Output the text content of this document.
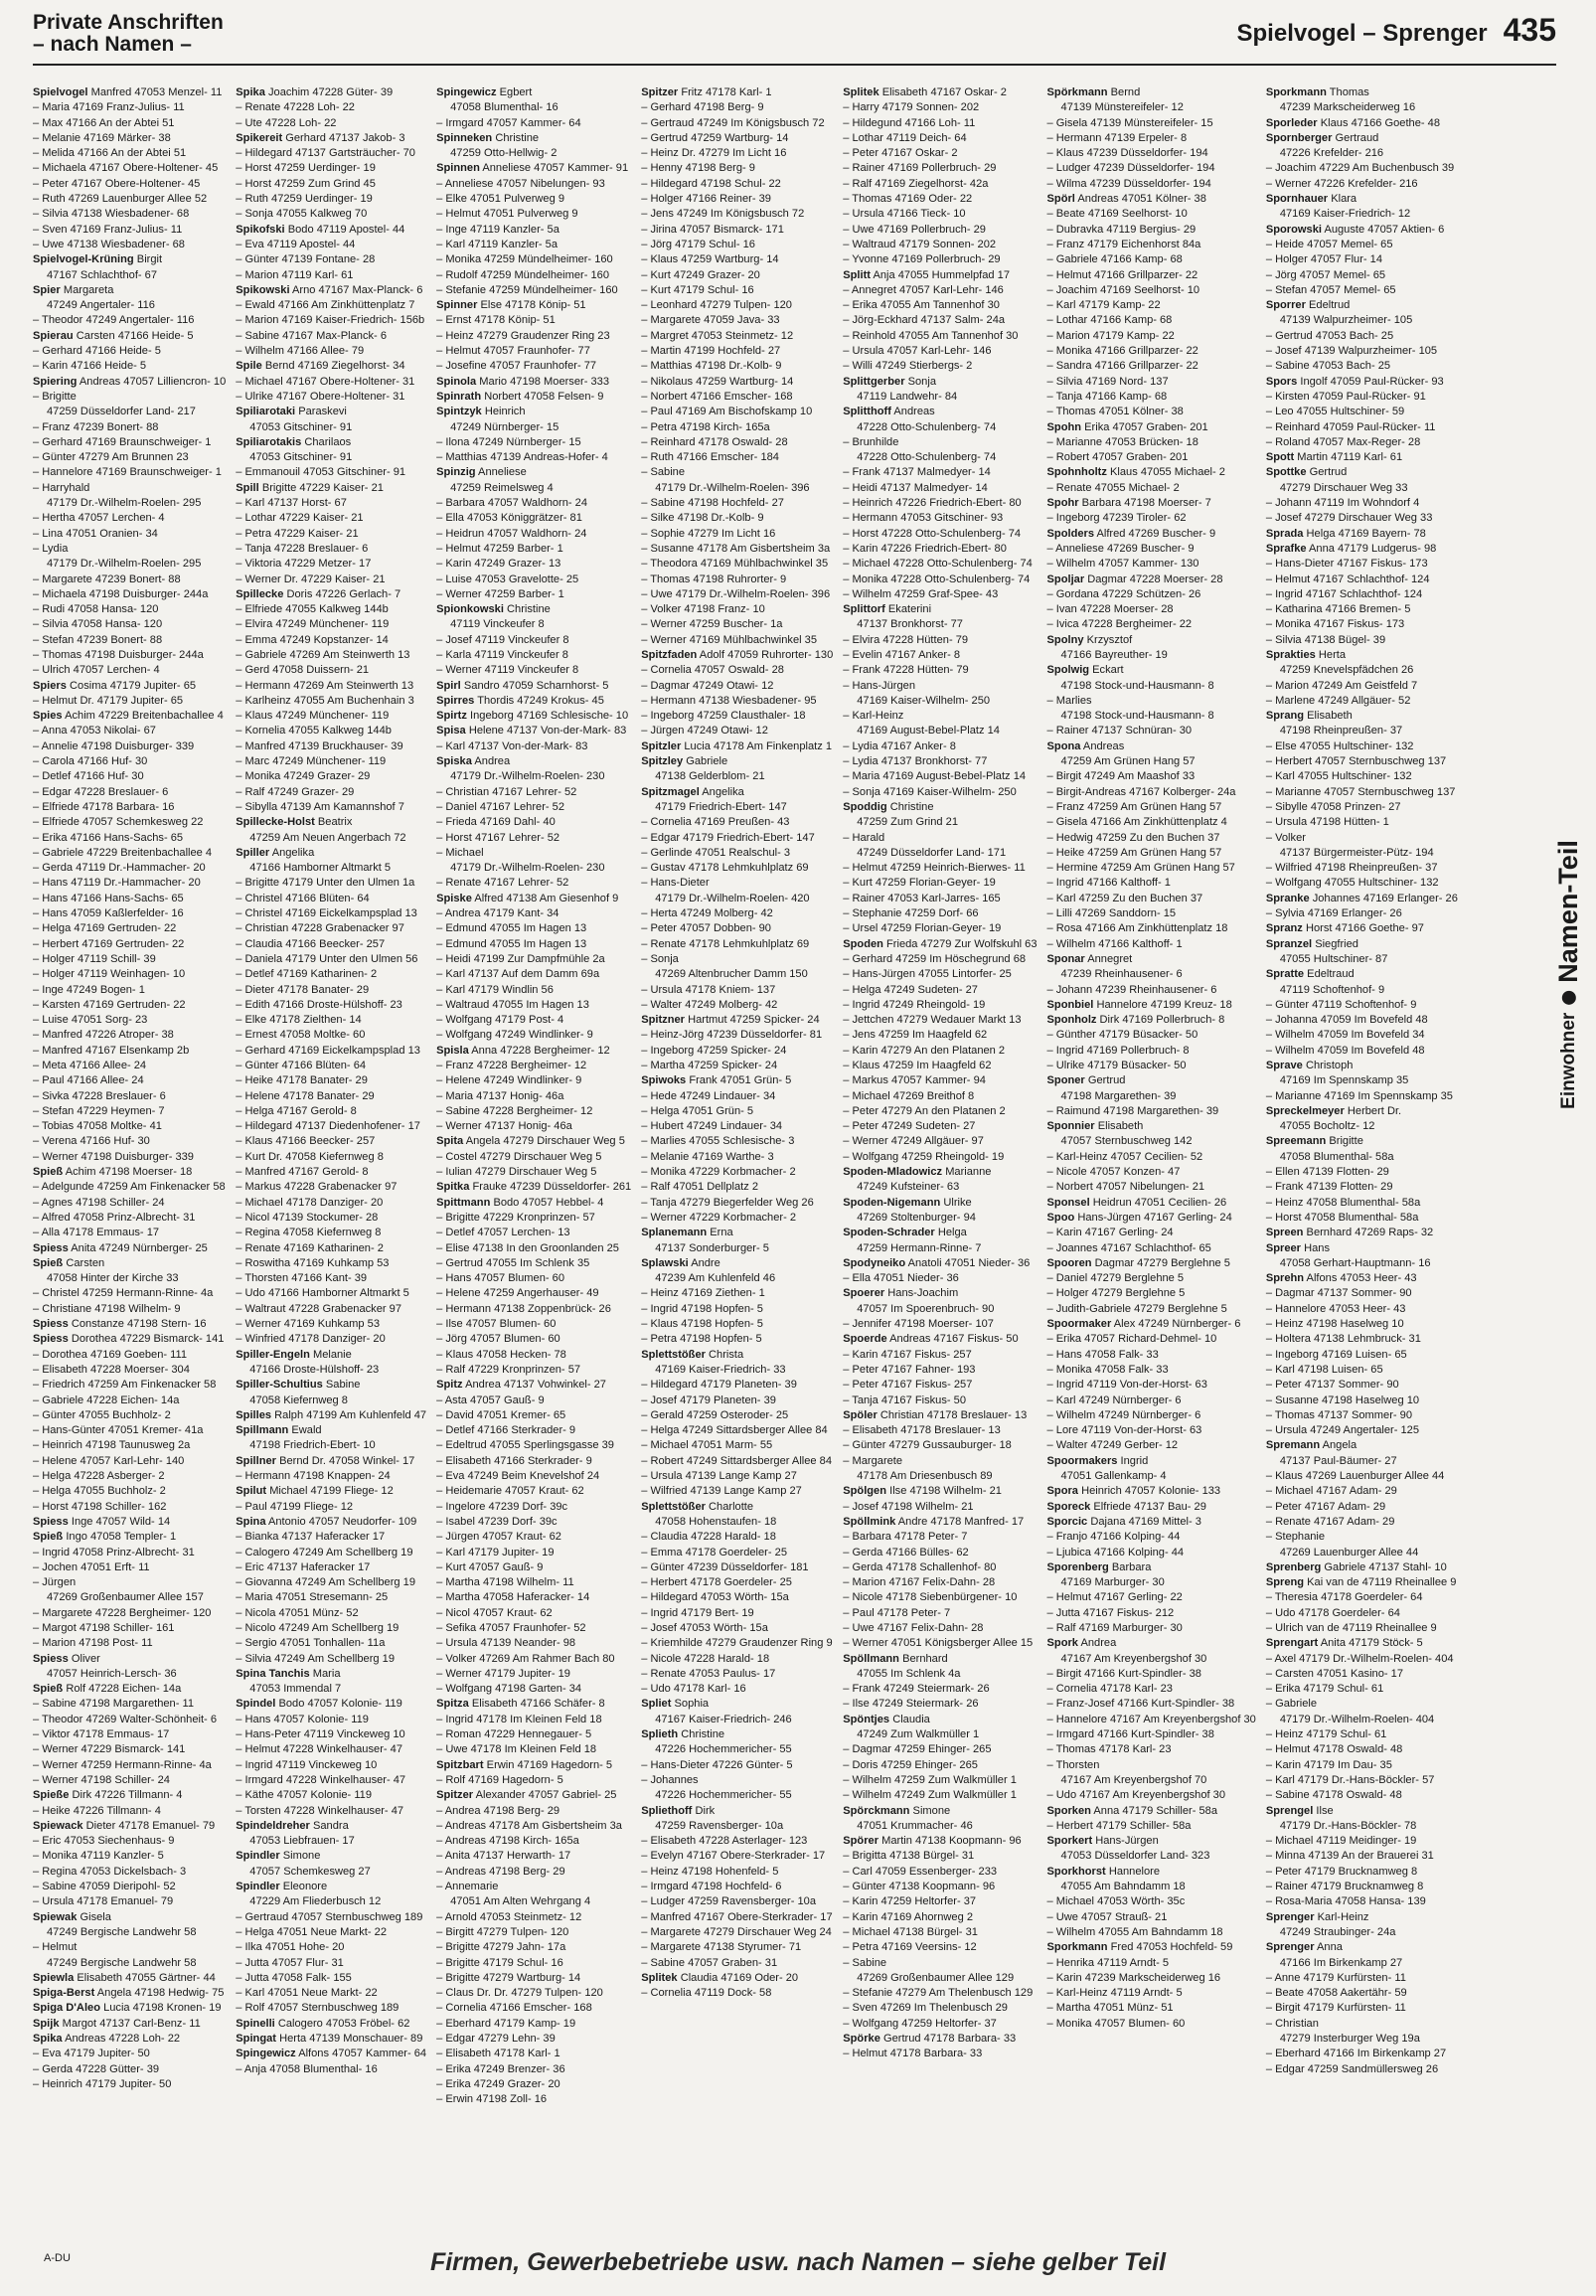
Private Anschriften
– nach Namen –	Spielvogel – Sprenger 435
Spielvogel Manfred 47053 Menzel- 11
– Maria 47169 Franz-Julius- 11
– Max 47166 An der Abtei 51
– Melanie 47169 Märker- 38
– Melida 47166 An der Abtei 51
– Michaela 47167 Obere-Holtener- 45
– Peter 47167 Obere-Holtener- 45
– Ruth 47269 Lauenburger Allee 52
– Silvia 47138 Wiesbadener- 68
– Sven 47169 Franz-Julius- 11
– Uwe 47138 Wiesbadener- 68
Spielvogel-Krüning Birgit
47167 Schlachthof- 67
Spier Margareta
47249 Angertaler- 116
– Theodor 47249 Angertaler- 116
Spierau Carsten 47166 Heide- 5
– Gerhard 47166 Heide- 5
– Karin 47166 Heide- 5
Spiering Andreas 47057 Lilliencron- 10
– Brigitte
47259 Düsseldorfer Land- 217
– Franz 47239 Bonert- 88
– Gerhard 47169 Braunschweiger- 1
– Günter 47279 Am Brunnen 23
– Hannelore 47169 Braunschweiger- 1
– Harryhald
47179 Dr.-Wilhelm-Roelen- 295
– Hertha 47057 Lerchen- 4
– Lina 47051 Oranien- 34
– Lydia
47179 Dr.-Wilhelm-Roelen- 295
– Margarete 47239 Bonert- 88
– Michaela 47198 Duisburger- 244a
– Rudi 47058 Hansa- 120
– Silvia 47058 Hansa- 120
– Stefan 47239 Bonert- 88
– Thomas 47198 Duisburger- 244a
– Ulrich 47057 Lerchen- 4
Spiers Cosima 47179 Jupiter- 65
– Helmut Dr. 47179 Jupiter- 65
Spies Achim 47229 Breitenbachallee 4
– Anna 47053 Nikolai- 67
– Annelie 47198 Duisburger- 339
– Carola 47166 Huf- 30
– Detlef 47166 Huf- 30
– Edgar 47228 Breslauer- 6
– Elfriede 47178 Barbara- 16
– Elfriede 47057 Schemkesweg 22
– Erika 47166 Hans-Sachs- 65
– Gabriele 47229 Breitenbachallee 4
– Gerda 47119 Dr.-Hammacher- 20
– Hans 47119 Dr.-Hammacher- 20
– Hans 47166 Hans-Sachs- 65
– Hans 47059 Kaßlerfelder- 16
– Helga 47169 Gertruden- 22
– Herbert 47169 Gertruden- 22
– Holger 47119 Schill- 39
– Holger 47119 Weinhagen- 10
– Inge 47249 Bogen- 1
– Karsten 47169 Gertruden- 22
– Luise 47051 Sorg- 23
– Manfred 47226 Atroper- 38
– Manfred 47167 Elsenkamp 2b
– Meta 47166 Allee- 24
– Paul 47166 Allee- 24
– Sivka 47228 Breslauer- 6
– Stefan 47229 Heymen- 7
– Tobias 47058 Moltke- 41
– Verena 47166 Huf- 30
– Werner 47198 Duisburger- 339
Spieß Achim 47198 Moerser- 18
– Adelgunde 47259 Am Finkenacker 58
– Agnes 47198 Schiller- 24
– Alfred 47058 Prinz-Albrecht- 31
– Alla 47178 Emmaus- 17
Spiess Anita 47249 Nürnberger- 25
Spieß Carsten
47058 Hinter der Kirche 33
– Christel 47259 Hermann-Rinne- 4a
– Christiane 47198 Wilhelm- 9
Spiess Constanze 47198 Stern- 16
Spiess Dorothea 47229 Bismarck- 141
– Dorothea 47169 Goeben- 111
– Elisabeth 47228 Moerser- 304
– Friedrich 47259 Am Finkenacker 58
– Gabriele 47228 Eichen- 14a
– Günter 47055 Buchholz- 2
– Hans-Günter 47051 Kremer- 41a
– Heinrich 47198 Taunusweg 2a
– Helene 47057 Karl-Lehr- 140
– Helga 47228 Asberger- 2
– Helga 47055 Buchholz- 2
– Horst 47198 Schiller- 162
Spiess Inge 47057 Wild- 14
Spieß Ingo 47058 Templer- 1
– Ingrid 47058 Prinz-Albrecht- 31
– Jochen 47051 Erft- 11
– Jürgen
47269 Großenbaumer Allee 157
– Margarete 47228 Bergheimer- 120
– Margot 47198 Schiller- 161
– Marion 47198 Post- 11
Spiess Oliver
47057 Heinrich-Lersch- 36
Spieß Rolf 47228 Eichen- 14a
– Sabine 47198 Margarethen- 11
– Theodor 47269 Walter-Schönheit- 6
– Viktor 47178 Emmaus- 17
– Werner 47229 Bismarck- 141
– Werner 47259 Hermann-Rinne- 4a
– Werner 47198 Schiller- 24
Spieße Dirk 47226 Tillmann- 4
– Heike 47226 Tillmann- 4
Spiewack Dieter 47178 Emanuel- 79
– Eric 47053 Siechenhaus- 9
– Monika 47119 Kanzler- 5
– Regina 47053 Dickelsbach- 3
– Sabine 47059 Dieripohl- 52
– Ursula 47178 Emanuel- 79
Spiewak Gisela
47249 Bergische Landwehr 58
– Helmut
47249 Bergische Landwehr 58
Spiewla Elisabeth 47055 Gärtner- 44
Spiga-Berst Angela 47198 Hedwig- 75
Spiga D'Aleo Lucia 47198 Kronen- 19
Spijk Margot 47137 Carl-Benz- 11
Spika Andreas 47228 Loh- 22
– Eva 47179 Jupiter- 50
– Gerda 47228 Gütter- 39
– Heinrich 47179 Jupiter- 50
Spika Joachim 47228 Güter- 39
– Renate 47228 Loh- 22
– Ute 47228 Loh- 22
Spikereit Gerhard 47137 Jakob- 3
– Hildegard 47137 Gartsträucher- 70
– Horst 47259 Uerdinger- 19
– Horst 47259 Zum Grind 45
– Ruth 47259 Uerdinger- 19
– Sonja 47055 Kalkweg 70
Spikofski Bodo 47119 Apostel- 44
– Eva 47119 Apostel- 44
– Günter 47139 Fontane- 28
– Marion 47119 Karl- 61
Spikowski Arno 47167 Max-Planck- 6
– Ewald 47166 Am Zinkhüttenplatz 7
– Marion 47169 Kaiser-Friedrich- 156b
– Sabine 47167 Max-Planck- 6
– Wilhelm 47166 Allee- 79
Spile Bernd 47169 Ziegelhorst- 34
– Michael 47167 Obere-Holtener- 31
– Ulrike 47167 Obere-Holtener- 31
Spiliarotaki Paraskevi
47053 Gitschiner- 91
Spiliarotakis Charilaos
47053 Gitschiner- 91
– Emmanouil 47053 Gitschiner- 91
Spill Brigitte 47229 Kaiser- 21
– Karl 47137 Horst- 67
– Lothar 47229 Kaiser- 21
– Petra 47229 Kaiser- 21
– Tanja 47228 Breslauer- 6
– Viktoria 47229 Metzer- 17
– Werner Dr. 47229 Kaiser- 21
Spillecke Doris 47226 Gerlach- 7
– Elfriede 47055 Kalkweg 144b
– Elvira 47249 Münchener- 119
– Emma 47249 Kopstanzer- 14
– Gabriele 47269 Am Steinwerth 13
– Gerd 47058 Duissern- 21
– Hermann 47269 Am Steinwerth 13
– Karlheinz 47055 Am Buchenhain 3
– Klaus 47249 Münchener- 119
– Kornelia 47055 Kalkweg 144b
– Manfred 47139 Bruckhauser- 39
– Marc 47249 Münchener- 119
– Monika 47249 Grazer- 29
– Ralf 47249 Grazer- 29
– Sibylla 47139 Am Kamannshof 7
Spillecke-Holst Beatrix
47259 Am Neuen Angerbach 72
Spiller Angelika
47166 Hamborner Altmarkt 5
– Brigitte 47179 Unter den Ulmen 1a
– Christel 47166 Blüten- 64
– Christel 47169 Eickelkampsplad 13
– Christian 47228 Grabenacker 97
– Claudia 47166 Beecker- 257
– Daniela 47179 Unter den Ulmen 56
– Detlef 47169 Katharinen- 2
– Dieter 47178 Banater- 29
– Edith 47166 Droste-Hülshoff- 23
– Elke 47178 Zielthen- 14
– Ernest 47058 Moltke- 60
– Gerhard 47169 Eickelkampsplad 13
– Günter 47166 Blüten- 64
– Heike 47178 Banater- 29
– Helene 47178 Banater- 29
– Helga 47167 Gerold- 8
– Hildegard 47137 Diedenhofener- 17
– Klaus 47166 Beecker- 257
– Kurt Dr. 47058 Kiefernweg 8
– Manfred 47167 Gerold- 8
– Markus 47228 Grabenacker 97
– Michael 47178 Danziger- 20
– Nicol 47139 Stockumer- 28
– Regina 47058 Kiefernweg 8
– Renate 47169 Katharinen- 2
– Roswitha 47169 Kuhkamp 53
– Thorsten 47166 Kant- 39
– Udo 47166 Hamborner Altmarkt 5
– Waltraut 47228 Grabenacker 97
– Werner 47169 Kuhkamp 53
– Winfried 47178 Danziger- 20
Spiller-Engeln Melanie
47166 Droste-Hülshoff- 23
Spiller-Schultius Sabine
47058 Kiefernweg 8
Spilles Ralph 47199 Am Kuhlenfeld 47
Spillmann Ewald
47198 Friedrich-Ebert- 10
Spillner Bernd Dr. 47058 Winkel- 17
– Hermann 47198 Knappen- 24
Spilut Michael 47199 Fliege- 12
– Paul 47199 Fliege- 12
Spina Antonio 47057 Neudorfer- 109
– Bianka 47137 Haferacker 17
– Calogero 47249 Am Schellberg 19
– Eric 47137 Haferacker 17
– Giovanna 47249 Am Schellberg 19
– Maria 47051 Stresemann- 25
– Nicola 47051 Münz- 52
– Nicolo 47249 Am Schellberg 19
– Sergio 47051 Tonhallen- 11a
– Silvia 47249 Am Schellberg 19
Spina Tanchis Maria
47053 Immendal 7
Spindel Bodo 47057 Kolonie- 119
– Hans 47057 Kolonie- 119
– Hans-Peter 47119 Vinckeweg 10
– Helmut 47228 Winkelhauser- 47
– Ingrid 47119 Vinckeweg 10
– Irmgard 47228 Winkelhauser- 47
– Käthe 47057 Kolonie- 119
– Torsten 47228 Winkelhauser- 47
Spindeldreher Sandra
47053 Liebfrauen- 17
Spindler Simone
47057 Schemkesweg 27
Spindler Eleonore
47229 Am Fliederbusch 12
– Gertraud 47057 Sternbuschweg 189
– Helga 47051 Neue Markt- 22
– Ilka 47051 Hohe- 20
– Jutta 47057 Flur- 31
– Jutta 47058 Falk- 155
– Karl 47051 Neue Markt- 22
– Rolf 47057 Sternbuschweg 189
Spinelli Calogero 47053 Fröbel- 62
Spingat Herta 47139 Monschauer- 89
Spingewicz Alfons 47057 Kammer- 64
– Anja 47058 Blumenthal- 16
Spingewicz Egbert
47058 Blumenthal- 16
– Irmgard 47057 Kammer- 64
Spinneken Christine
47259 Otto-Hellwig- 2
Spinnen Anneliese 47057 Kammer- 91
– Anneliese 47057 Nibelungen- 93
– Elke 47051 Pulverweg 9
– Helmut 47051 Pulverweg 9
– Inge 47119 Kanzler- 5a
– Karl 47119 Kanzler- 5a
– Monika 47259 Mündelheimer- 160
– Rudolf 47259 Mündelheimer- 160
– Stefanie 47259 Mündelheimer- 160
Spinner Else 47178 Könip- 51
– Ernst 47178 Könip- 51
– Heinz 47279 Graudenzer Ring 23
– Helmut 47057 Fraunhofer- 77
– Josefine 47057 Fraunhofer- 77
Spinola Mario 47198 Moerser- 333
Spinrath Norbert 47058 Felsen- 9
Spintzyk Heinrich
47249 Nürnberger- 15
– Ilona 47249 Nürnberger- 15
– Matthias 47139 Andreas-Hofer- 4
Spinzig Anneliese
47259 Reimelsweg 4
– Barbara 47057 Waldhorn- 24
– Ella 47053 Königgrätzer- 81
– Heidrun 47057 Waldhorn- 24
– Helmut 47259 Barber- 1
– Karin 47249 Grazer- 13
– Luise 47053 Gravelotte- 25
– Werner 47259 Barber- 1
Spionkowski Christine
47119 Vinckeufer 8
– Josef 47119 Vinckeufer 8
– Karla 47119 Vinckeufer 8
– Werner 47119 Vinckeufer 8
Spirl Sandro 47059 Scharnhorst- 5
Spirres Thordis 47249 Krokus- 45
Spirtz Ingeborg 47169 Schlesische- 10
Spisa Helene 47137 Von-der-Mark- 83
– Karl 47137 Von-der-Mark- 83
Spiska Andrea
47179 Dr.-Wilhelm-Roelen- 230
– Christian 47167 Lehrer- 52
– Daniel 47167 Lehrer- 52
– Frieda 47169 Dahl- 40
– Horst 47167 Lehrer- 52
– Michael
47179 Dr.-Wilhelm-Roelen- 230
– Renate 47167 Lehrer- 52
Spiske Alfred 47138 Am Giesenhof 9
– Andrea 47179 Kant- 34
– Edmund 47055 Im Hagen 13
– Edmund 47055 Im Hagen 13
– Heidi 47199 Zur Dampfmühle 2a
– Karl 47137 Auf dem Damm 69a
– Karl 47179 Windlin 56
– Waltraud 47055 Im Hagen 13
– Wolfgang 47179 Post- 4
– Wolfgang 47249 Windlinker- 9
Spisla Anna 47228 Bergheimer- 12
– Franz 47228 Bergheimer- 12
– Helene 47249 Windlinker- 9
– Maria 47137 Honig- 46a
– Sabine 47228 Bergheimer- 12
– Werner 47137 Honig- 46a
Spita Angela 47279 Dirschauer Weg 5
– Costel 47279 Dirschauer Weg 5
– Iulian 47279 Dirschauer Weg 5
Spitka Frauke 47239 Düsseldorfer- 261
Spittmann Bodo 47057 Hebbel- 4
– Brigitte 47229 Kronprinzen- 57
– Detlef 47057 Lerchen- 13
– Elise 47138 In den Groonlanden 25
– Gertrud 47055 Im Schlenk 35
– Hans 47057 Blumen- 60
– Helene 47259 Angerhauser- 49
– Hermann 47138 Zoppenbrück- 26
– Ilse 47057 Blumen- 60
– Jörg 47057 Blumen- 60
– Klaus 47058 Hecken- 78
– Ralf 47229 Kronprinzen- 57
Spitz Andrea 47137 Vohwinkel- 27
– Asta 47057 Gauß- 9
– David 47051 Kremer- 65
– Detlef 47166 Sterkrader- 9
– Edeltrud 47055 Sperlingsgasse 39
– Elisabeth 47166 Sterkrader- 9
– Eva 47249 Beim Knevelshof 24
– Heidemarie 47057 Kraut- 62
– Ingelore 47239 Dorf- 39c
– Isabel 47239 Dorf- 39c
– Jürgen 47057 Kraut- 62
– Karl 47179 Jupiter- 19
– Kurt 47057 Gauß- 9
– Martha 47198 Wilhelm- 11
– Martha 47058 Haferacker- 14
– Nicol 47057 Kraut- 62
– Sefika 47057 Fraunhofer- 52
– Ursula 47139 Neander- 98
– Volker 47269 Am Rahmer Bach 80
– Werner 47179 Jupiter- 19
– Wolfgang 47198 Garten- 34
Spitza Elisabeth 47166 Schäfer- 8
– Ingrid 47178 Im Kleinen Feld 18
– Roman 47229 Hennegauer- 5
– Uwe 47178 Im Kleinen Feld 18
Spitzbart Erwin 47169 Hagedorn- 5
– Rolf 47169 Hagedorn- 5
Spitzer Alexander 47057 Gabriel- 25
– Andrea 47198 Berg- 29
– Andreas 47178 Am Gisbertsheim 3a
– Andreas 47198 Kirch- 165a
– Anita 47137 Herwarth- 17
– Andreas 47198 Berg- 29
– Annemarie
47051 Am Alten Wehrgang 4
– Arnold 47053 Steinmetz- 12
– Birgitt 47279 Tulpen- 120
– Brigitte 47279 Jahn- 17a
– Brigitte 47179 Schul- 16
– Brigitte 47279 Wartburg- 14
– Claus Dr. Dr. 47279 Tulpen- 120
– Cornelia 47166 Emscher- 168
– Eberhard 47179 Kamp- 19
– Edgar 47279 Lehn- 39
– Elisabeth 47178 Karl- 1
– Erika 47249 Brenzer- 36
– Erika 47249 Grazer- 20
– Erwin 47198 Zoll- 16
Spitzer Fritz 47178 Karl- 1
– Gerhard 47198 Berg- 9
– Gertraud 47249 Im Königsbusch 72
– Gertrud 47259 Wartburg- 14
– Heinz Dr. 47279 Im Licht 16
– Henny 47198 Berg- 9
– Hildegard 47198 Schul- 22
– Holger 47166 Reiner- 39
– Jens 47249 Im Königsbusch 72
– Jirina 47057 Bismarck- 171
– Jörg 47179 Schul- 16
– Klaus 47259 Wartburg- 14
– Kurt 47249 Grazer- 20
– Kurt 47179 Schul- 16
– Leonhard 47279 Tulpen- 120
– Margarete 47059 Java- 33
– Margret 47053 Steinmetz- 12
– Martin 47199 Hochfeld- 27
– Matthias 47198 Dr.-Kolb- 9
– Nikolaus 47259 Wartburg- 14
– Norbert 47166 Emscher- 168
– Paul 47169 Am Bischofskamp 10
– Petra 47198 Kirch- 165a
– Reinhard 47178 Oswald- 28
– Ruth 47166 Emscher- 184
– Sabine
47179 Dr.-Wilhelm-Roelen- 396
– Sabine 47198 Hochfeld- 27
– Silke 47198 Dr.-Kolb- 9
– Sophie 47279 Im Licht 16
– Susanne 47178 Am Gisbertsheim 3a
– Theodora 47169 Mühlbachwinkel 35
– Thomas 47198 Ruhrorter- 9
– Uwe 47179 Dr.-Wilhelm-Roelen- 396
– Volker 47198 Franz- 10
– Werner 47259 Buscher- 1a
– Werner 47169 Mühlbachwinkel 35
Spitzfaden Adolf 47059 Ruhrorter- 130
– Cornelia 47057 Oswald- 28
– Dagmar 47249 Otawi- 12
– Hermann 47138 Wiesbadener- 95
– Ingeborg 47259 Clausthaler- 18
– Jürgen 47249 Otawi- 12
Spitzler Lucia 47178 Am Finkenplatz 1
Spitzley Gabriele
47138 Gelderblom- 21
Spitzmagel Angelika
47179 Friedrich-Ebert- 147
– Cornelia 47169 Preußen- 43
– Edgar 47179 Friedrich-Ebert- 147
– Gerlinde 47051 Realschul- 3
– Gustav 47178 Lehmkuhlplatz 69
– Hans-Dieter
47179 Dr.-Wilhelm-Roelen- 420
– Herta 47249 Molberg- 42
– Peter 47057 Dobben- 90
– Renate 47178 Lehmkuhlplatz 69
– Sonja
47269 Altenbrucher Damm 150
– Ursula 47178 Kniem- 137
– Walter 47249 Molberg- 42
Spitzner Hartmut 47259 Spicker- 24
– Heinz-Jörg 47239 Düsseldorfer- 81
– Ingeborg 47259 Spicker- 24
– Martha 47259 Spicker- 24
Spiwoks Frank 47051 Grün- 5
– Hede 47249 Lindauer- 34
– Helga 47051 Grün- 5
– Hubert 47249 Lindauer- 34
– Marlies 47055 Schlesische- 3
– Melanie 47169 Warthe- 3
– Monika 47229 Korbmacher- 2
– Ralf 47051 Dellplatz 2
– Tanja 47279 Biegerfelder Weg 26
– Werner 47229 Korbmacher- 2
Splanemann Erna
47137 Sonderburger- 5
Splawski Andre
47239 Am Kuhlenfeld 46
– Heinz 47169 Ziethen- 1
– Ingrid 47198 Hopfen- 5
– Klaus 47198 Hopfen- 5
– Petra 47198 Hopfen- 5
Splettstößer Christa
47169 Kaiser-Friedrich- 33
– Hildegard 47179 Planeten- 39
– Josef 47179 Planeten- 39
– Gerald 47259 Osteroder- 25
– Helga 47249 Sittardsberger Allee 84
– Michael 47051 Marm- 55
– Robert 47249 Sittardsberger Allee 84
– Ursula 47139 Lange Kamp 27
– Wilfried 47139 Lange Kamp 27
Splettstößer Charlotte
47058 Hohenstaufen- 18
– Claudia 47228 Harald- 18
– Emma 47178 Goerdeler- 25
– Günter 47239 Düsseldorfer- 181
– Herbert 47178 Goerdeler- 25
– Hildegard 47053 Wörth- 15a
– Ingrid 47179 Bert- 19
– Josef 47053 Wörth- 15a
– Kriemhilde 47279 Graudenzer Ring 9
– Nicole 47228 Harald- 18
– Renate 47053 Paulus- 17
– Udo 47178 Karl- 16
Spliet Sophia
47167 Kaiser-Friedrich- 246
Splieth Christine
47226 Hochemmericher- 55
– Hans-Dieter 47226 Günter- 5
– Johannes
47226 Hochemmericher- 55
Spliethoff Dirk
47259 Ravensberger- 10a
– Elisabeth 47228 Asterlager- 123
– Evelyn 47167 Obere-Sterkrader- 17
– Heinz 47198 Hohenfeld- 5
– Irmgard 47198 Hochfeld- 6
– Ludger 47259 Ravensberger- 10a
– Manfred 47167 Obere-Sterkrader- 17
– Margarete 47279 Dirschauer Weg 24
– Margarete 47138 Styrumer- 71
– Sabine 47057 Graben- 31
Splitek Claudia 47169 Oder- 20
– Cornelia 47119 Dock- 58
Splitek Elisabeth 47167 Oskar- 2
– Harry 47179 Sonnen- 202
– Hildegund 47166 Loh- 11
– Lothar 47119 Deich- 64
– Peter 47167 Oskar- 2
– Rainer 47169 Pollerbruch- 29
– Ralf 47169 Ziegelhorst- 42a
– Thomas 47169 Oder- 22
– Ursula 47166 Tieck- 10
– Uwe 47169 Pollerbruch- 29
– Waltraud 47179 Sonnen- 202
– Yvonne 47169 Pollerbruch- 29
Splitt Anja 47055 Hummelpfad 17
– Annegret 47057 Karl-Lehr- 146
– Erika 47055 Am Tannenhof 30
– Jörg-Eckhard 47137 Salm- 24a
– Reinhold 47055 Am Tannenhof 30
– Ursula 47057 Karl-Lehr- 146
– Willi 47249 Stierbergs- 2
Splittgerber Sonja
47119 Landwehr- 84
Splitthoff Andreas
47228 Otto-Schulenberg- 74
– Brunhilde
47228 Otto-Schulenberg- 74
– Frank 47137 Malmedyer- 14
– Heidi 47137 Malmedyer- 14
– Heinrich 47226 Friedrich-Ebert- 80
– Hermann 47053 Gitschiner- 93
– Horst 47228 Otto-Schulenberg- 74
– Karin 47226 Friedrich-Ebert- 80
– Michael 47228 Otto-Schulenberg- 74
– Monika 47228 Otto-Schulenberg- 74
– Wilhelm 47259 Graf-Spee- 43
Splittorf Ekaterini
47137 Bronkhorst- 77
– Elvira 47228 Hütten- 79
– Evelin 47167 Anker- 8
– Frank 47228 Hütten- 79
– Hans-Jürgen
47169 Kaiser-Wilhelm- 250
– Karl-Heinz
47169 August-Bebel-Platz 14
– Lydia 47167 Anker- 8
– Lydia 47137 Bronkhorst- 77
– Maria 47169 August-Bebel-Platz 14
– Sonja 47169 Kaiser-Wilhelm- 250
Spoddig Christine
47259 Zum Grind 21
– Harald
47249 Düsseldorfer Land- 171
– Helmut 47259 Heinrich-Bierwes- 11
– Kurt 47259 Florian-Geyer- 19
– Rainer 47053 Karl-Jarres- 165
– Stephanie 47259 Dorf- 66
– Ursel 47259 Florian-Geyer- 19
Spoden Frieda 47279 Zur Wolfskuhl 63
– Gerhard 47259 Im Höschegrund 68
– Hans-Jürgen 47055 Lintorfer- 25
– Helga 47249 Sudeten- 27
– Ingrid 47249 Rheingold- 19
– Jettchen 47279 Wedauer Markt 13
– Jens 47259 Im Haagfeld 62
– Karin 47279 An den Platanen 2
– Klaus 47259 Im Haagfeld 62
– Markus 47057 Kammer- 94
– Michael 47269 Breithof 8
– Peter 47279 An den Platanen 2
– Peter 47249 Sudeten- 27
– Werner 47249 Allgäuer- 97
– Wolfgang 47259 Rheingold- 19
Spoden-Mladowicz Marianne
47249 Kufsteiner- 63
Spoden-Nigemann Ulrike
47269 Stoltenburger- 94
Spoden-Schrader Helga
47259 Hermann-Rinne- 7
Spodyneiko Anatoli 47051 Nieder- 36
– Ella 47051 Nieder- 36
Spoerer Hans-Joachim
47057 Im Spoerenbruch- 90
– Jennifer 47198 Moerser- 107
Spoerde Andreas 47167 Fiskus- 50
– Karin 47167 Fiskus- 257
– Peter 47167 Fahner- 193
– Peter 47167 Fiskus- 257
– Tanja 47167 Fiskus- 50
Spöler Christian 47178 Breslauer- 13
– Elisabeth 47178 Breslauer- 13
– Günter 47279 Gussauburger- 18
– Margarete
47178 Am Driesenbusch 89
Spölgen Ilse 47198 Wilhelm- 21
– Josef 47198 Wilhelm- 21
Spöllmink Andre 47178 Manfred- 17
– Barbara 47178 Peter- 7
– Gerda 47166 Bülles- 62
– Gerda 47178 Schallenhof- 80
– Marion 47167 Felix-Dahn- 28
– Nicole 47178 Siebenbürgener- 10
– Paul 47178 Peter- 7
– Uwe 47167 Felix-Dahn- 28
– Werner 47051 Königsberger Allee 15
Spöllmann Bernhard
47055 Im Schlenk 4a
– Frank 47249 Steiermark- 26
– Ilse 47249 Steiermark- 26
Spöntjes Claudia
47249 Zum Walkmüller 1
– Dagmar 47259 Ehinger- 265
– Doris 47259 Ehinger- 265
– Wilhelm 47259 Zum Walkmüller 1
– Wilhelm 47249 Zum Walkmüller 1
Spörckmann Simone
47051 Krummacher- 46
Spörer Martin 47138 Koopmann- 96
– Brigitta 47138 Bürgel- 31
– Carl 47059 Essenberger- 233
– Günter 47138 Koopmann- 96
– Karin 47259 Heltorfer- 37
– Karin 47169 Ahornweg 2
– Michael 47138 Bürgel- 31
– Petra 47169 Veersins- 12
– Sabine
47269 Großenbaumer Allee 129
– Stefanie 47279 Am Thelenbusch 129
– Sven 47269 Im Thelenbusch 29
– Wolfgang 47259 Heltorfer- 37
Spörke Gertrud 47178 Barbara- 33
– Helmut 47178 Barbara- 33
Spörkmann Bernd
47139 Münstereifeler- 12
– Gisela 47139 Münstereifeler- 15
– Hermann 47139 Erpeler- 8
– Klaus 47239 Düsseldorfer- 194
– Ludger 47239 Düsseldorfer- 194
– Wilma 47239 Düsseldorfer- 194
Spörl Andreas 47051 Kölner- 38
– Beate 47169 Seelhorst- 10
– Dubravka 47119 Bergius- 29
– Franz 47179 Eichenhorst 84a
– Gabriele 47166 Kamp- 68
– Helmut 47166 Grillparzer- 22
– Joachim 47169 Seelhorst- 10
– Karl 47179 Kamp- 22
– Lothar 47166 Kamp- 68
– Marion 47179 Kamp- 22
– Monika 47166 Grillparzer- 22
– Sandra 47166 Grillparzer- 22
– Silvia 47169 Nord- 137
– Tanja 47166 Kamp- 68
– Thomas 47051 Kölner- 38
Spohn Erika 47057 Graben- 201
– Marianne 47053 Brücken- 18
– Robert 47057 Graben- 201
Spohnholtz Klaus 47055 Michael- 2
– Renate 47055 Michael- 2
Spohr Barbara 47198 Moerser- 7
– Ingeborg 47239 Tiroler- 62
Spolders Alfred 47269 Buscher- 9
– Anneliese 47269 Buscher- 9
– Wilhelm 47057 Kammer- 130
Spoljar Dagmar 47228 Moerser- 28
– Gordana 47229 Schützen- 26
– Ivan 47228 Moerser- 28
– Ivica 47228 Bergheimer- 22
Spolny Krzysztof
47166 Bayreuther- 19
Spolwig Eckart
47198 Stock-und-Hausmann- 8
– Marlies
47198 Stock-und-Hausmann- 8
– Rainer 47137 Schnüran- 30
Spona Andreas
47259 Am Grünen Hang 57
– Birgit 47249 Am Maashof 33
– Birgit-Andreas 47167 Kolberger- 24a
– Franz 47259 Am Grünen Hang 57
– Gisela 47166 Am Zinkhüttenplatz 4
– Hedwig 47259 Zu den Buchen 37
– Heike 47259 Am Grünen Hang 57
– Hermine 47259 Am Grünen Hang 57
– Ingrid 47166 Kalthoff- 1
– Karl 47259 Zu den Buchen 37
– Lilli 47269 Sanddorn- 15
– Rosa 47166 Am Zinkhüttenplatz 18
– Wilhelm 47166 Kalthoff- 1
Sponar Annegret
47239 Rheinhausener- 6
– Johann 47239 Rheinhausener- 6
Sponbiel Hannelore 47199 Kreuz- 18
Sponholz Dirk 47169 Pollerbruch- 8
– Günther 47179 Büsacker- 50
– Ingrid 47169 Pollerbruch- 8
– Ulrike 47179 Büsacker- 50
Sponer Gertrud
47198 Margarethen- 39
– Raimund 47198 Margarethen- 39
Sponnier Elisabeth
47057 Sternbuschweg 142
– Karl-Heinz 47057 Cecilien- 52
– Nicole 47057 Konzen- 47
– Norbert 47057 Nibelungen- 21
Sponsel Heidrun 47051 Cecilien- 26
Spoo Hans-Jürgen 47167 Gerling- 24
– Karin 47167 Gerling- 24
– Joannes 47167 Schlachthof- 65
Spooren Dagmar 47279 Berglehne 5
– Daniel 47279 Berglehne 5
– Holger 47279 Berglehne 5
– Judith-Gabriele 47279 Berglehne 5
Spoormaker Alex 47249 Nürnberger- 6
– Erika 47057 Richard-Dehmel- 10
– Hans 47058 Falk- 33
– Monika 47058 Falk- 33
– Ingrid 47119 Von-der-Horst- 63
– Karl 47249 Nürnberger- 6
– Wilhelm 47249 Nürnberger- 6
– Lore 47119 Von-der-Horst- 63
– Walter 47249 Gerber- 12
Spoormakers Ingrid
47051 Gallenkamp- 4
Spora Heinrich 47057 Kolonie- 133
Sporeck Elfriede 47137 Bau- 29
Sporcic Dajana 47169 Mittel- 3
– Franjo 47166 Kolping- 44
– Ljubica 47166 Kolping- 44
Sporenberg Barbara
47169 Marburger- 30
– Helmut 47167 Gerling- 22
– Jutta 47167 Fiskus- 212
– Ralf 47169 Marburger- 30
Spork Andrea
47167 Am Kreyenbergshof 30
– Birgit 47166 Kurt-Spindler- 38
– Cornelia 47178 Karl- 23
– Franz-Josef 47166 Kurt-Spindler- 38
– Hannelore 47167 Am Kreyenbergshof 30
– Irmgard 47166 Kurt-Spindler- 38
– Thomas 47178 Karl- 23
– Thorsten
47167 Am Kreyenbergshof 70
– Udo 47167 Am Kreyenbergshof 30
Sporken Anna 47179 Schiller- 58a
– Herbert 47179 Schiller- 58a
Sporkert Hans-Jürgen
47053 Düsseldorfer Land- 323
Sporkhorst Hannelore
47055 Am Bahndamm 18
– Michael 47053 Wörth- 35c
– Uwe 47057 Strauß- 21
– Wilhelm 47055 Am Bahndamm 18
Sporkmann Fred 47053 Hochfeld- 59
– Henrika 47119 Arndt- 5
– Karin 47239 Markscheiderweg 16
– Karl-Heinz 47119 Arndt- 5
– Martha 47051 Münz- 51
– Monika 47057 Blumen- 60
Sporkmann Thomas
47239 Markscheiderweg 16
Sporleder Klaus 47166 Goethe- 48
Spornberger Gertraud
47226 Krefelder- 216
– Joachim 47229 Am Buchenbusch 39
– Werner 47226 Krefelder- 216
Spornhauer Klara
47169 Kaiser-Friedrich- 12
Sporowski Auguste 47057 Aktien- 6
– Heide 47057 Memel- 65
– Holger 47057 Flur- 14
– Jörg 47057 Memel- 65
– Stefan 47057 Memel- 65
Sporrer Edeltrud
47139 Walpurzheimer- 105
– Gertrud 47053 Bach- 25
– Josef 47139 Walpurzheimer- 105
– Sabine 47053 Bach- 25
Spors Ingolf 47059 Paul-Rücker- 93
– Kirsten 47059 Paul-Rücker- 91
– Leo 47055 Hultschiner- 59
– Reinhard 47059 Paul-Rücker- 11
– Roland 47057 Max-Reger- 28
Spott Martin 47119 Karl- 61
Spottke Gertrud
47279 Dirschauer Weg 33
– Johann 47119 Im Wohndorf 4
– Josef 47279 Dirschauer Weg 33
Sprada Helga 47169 Bayern- 78
Sprafke Anna 47179 Ludgerus- 98
– Hans-Dieter 47167 Fiskus- 173
– Helmut 47167 Schlachthof- 124
– Ingrid 47167 Schlachthof- 124
– Katharina 47166 Bremen- 5
– Monika 47167 Fiskus- 173
– Silvia 47138 Bügel- 39
Sprakties Herta
47259 Knevelspfädchen 26
– Marion 47249 Am Geistfeld 7
– Marlene 47249 Allgäuer- 52
Sprang Elisabeth
47198 Rheinpreußen- 37
– Else 47055 Hultschiner- 132
– Herbert 47057 Sternbuschweg 137
– Karl 47055 Hultschiner- 132
– Marianne 47057 Sternbuschweg 137
– Sibylle 47058 Prinzen- 27
– Ursula 47198 Hütten- 1
– Volker
47137 Bürgermeister-Pütz- 194
– Wilfried 47198 Rheinpreußen- 37
– Wolfgang 47055 Hultschiner- 132
Spranke Johannes 47169 Erlanger- 26
– Sylvia 47169 Erlanger- 26
Spranz Horst 47166 Goethe- 97
Spranzel Siegfried
47055 Hultschiner- 87
Spratte Edeltraud
47119 Schoftenhof- 9
– Günter 47119 Schoftenhof- 9
– Johanna 47059 Im Bovefeld 48
– Wilhelm 47059 Im Bovefeld 34
– Wilhelm 47059 Im Bovefeld 48
Sprave Christoph
47169 Im Spennskamp 35
– Marianne 47169 Im Spennskamp 35
Spreckelmeyer Herbert Dr.
47055 Bocholtz- 12
Spreemann Brigitte
47058 Blumenthal- 58a
– Ellen 47139 Flotten- 29
– Frank 47139 Flotten- 29
– Heinz 47058 Blumenthal- 58a
– Horst 47058 Blumenthal- 58a
Spreen Bernhard 47269 Raps- 32
Spreer Hans
47058 Gerhart-Hauptmann- 16
Sprehn Alfons 47053 Heer- 43
– Dagmar 47137 Sommer- 90
– Hannelore 47053 Heer- 43
– Heinz 47198 Haselweg 10
– Holtera 47138 Lehmbruck- 31
– Ingeborg 47169 Luisen- 65
– Karl 47198 Luisen- 65
– Peter 47137 Sommer- 90
– Susanne 47198 Haselweg 10
– Thomas 47137 Sommer- 90
– Ursula 47249 Angertaler- 125
Spremann Angela
47137 Paul-Bäumer- 27
– Klaus 47269 Lauenburger Allee 44
– Michael 47167 Adam- 29
– Peter 47167 Adam- 29
– Renate 47167 Adam- 29
– Stephanie
47269 Lauenburger Allee 44
Sprenberg Gabriele 47137 Stahl- 10
Spreng Kai van de 47119 Rheinallee 9
– Theresia 47178 Goerdeler- 64
– Udo 47178 Goerdeler- 64
– Ulrich van de 47119 Rheinallee 9
Sprengart Anita 47179 Stöck- 5
– Axel 47179 Dr.-Wilhelm-Roelen- 404
– Carsten 47051 Kasino- 17
– Erika 47179 Schul- 61
– Gabriele
47179 Dr.-Wilhelm-Roelen- 404
– Heinz 47179 Schul- 61
– Helmut 47178 Oswald- 48
– Karin 47179 Im Dau- 35
– Karl 47179 Dr.-Hans-Böckler- 57
– Sabine 47178 Oswald- 48
Sprengel Ilse
47179 Dr.-Hans-Böckler- 78
– Michael 47119 Meidinger- 19
– Minna 47139 An der Brauerei 31
– Peter 47179 Brucknamweg 8
– Rainer 47179 Brucknamweg 8
– Rosa-Maria 47058 Hansa- 139
Sprenger Karl-Heinz
47249 Straubinger- 24a
Sprenger Anna
47166 Im Birkenkamp 27
– Anne 47179 Kurfürsten- 11
– Beate 47058 Aakertähr- 59
– Birgit 47179 Kurfürsten- 11
– Christian
47279 Insterburger Weg 19a
– Eberhard 47166 Im Birkenkamp 27
– Edgar 47259 Sandmüllersweg 26
Einwohner
Namen-Teil
A-DU	Firmen, Gewerbebetriebe usw. nach Namen – siehe gelber Teil
